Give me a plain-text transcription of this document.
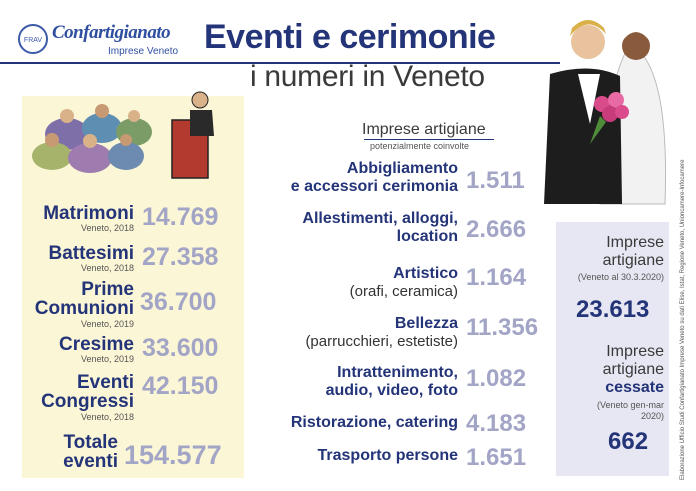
FRAV Confartigianato
Imprese Veneto Eventi e cerimonie
i numeri in Veneto
Matrimoni
Veneto, 2018 14.769
Battesimi
Veneto, 2018 27.358
Prime Comunioni
Veneto, 2019
36.700
Cresime
Veneto, 2019 33.600
Eventi Congressi
Veneto, 2018
42.150
Totale eventi 154.577
Imprese artigiane
potenzialmente coinvolte
Abbigliamento
e accessori cerimonia 1.511
Allestimenti, alloggi,
location 2.666
Artistico
(orafi, ceramica)
1.164
Bellezza
(parrucchieri, estetiste)
11.356
Intrattenimento,
audio, video, foto 1.082
Ristorazione, catering 4.183
Trasporto persone 1.651
Imprese
artigiane
(Veneto al 30.3.2020)
23.613
Imprese
artigiane
cessate
(Veneto gen-mar 2020)
662	Elaborazione Ufficio Studi Confartigianato Imprese Veneto su dati Elise, Istat, Regione Veneto, Unioncamere-Infocamere
